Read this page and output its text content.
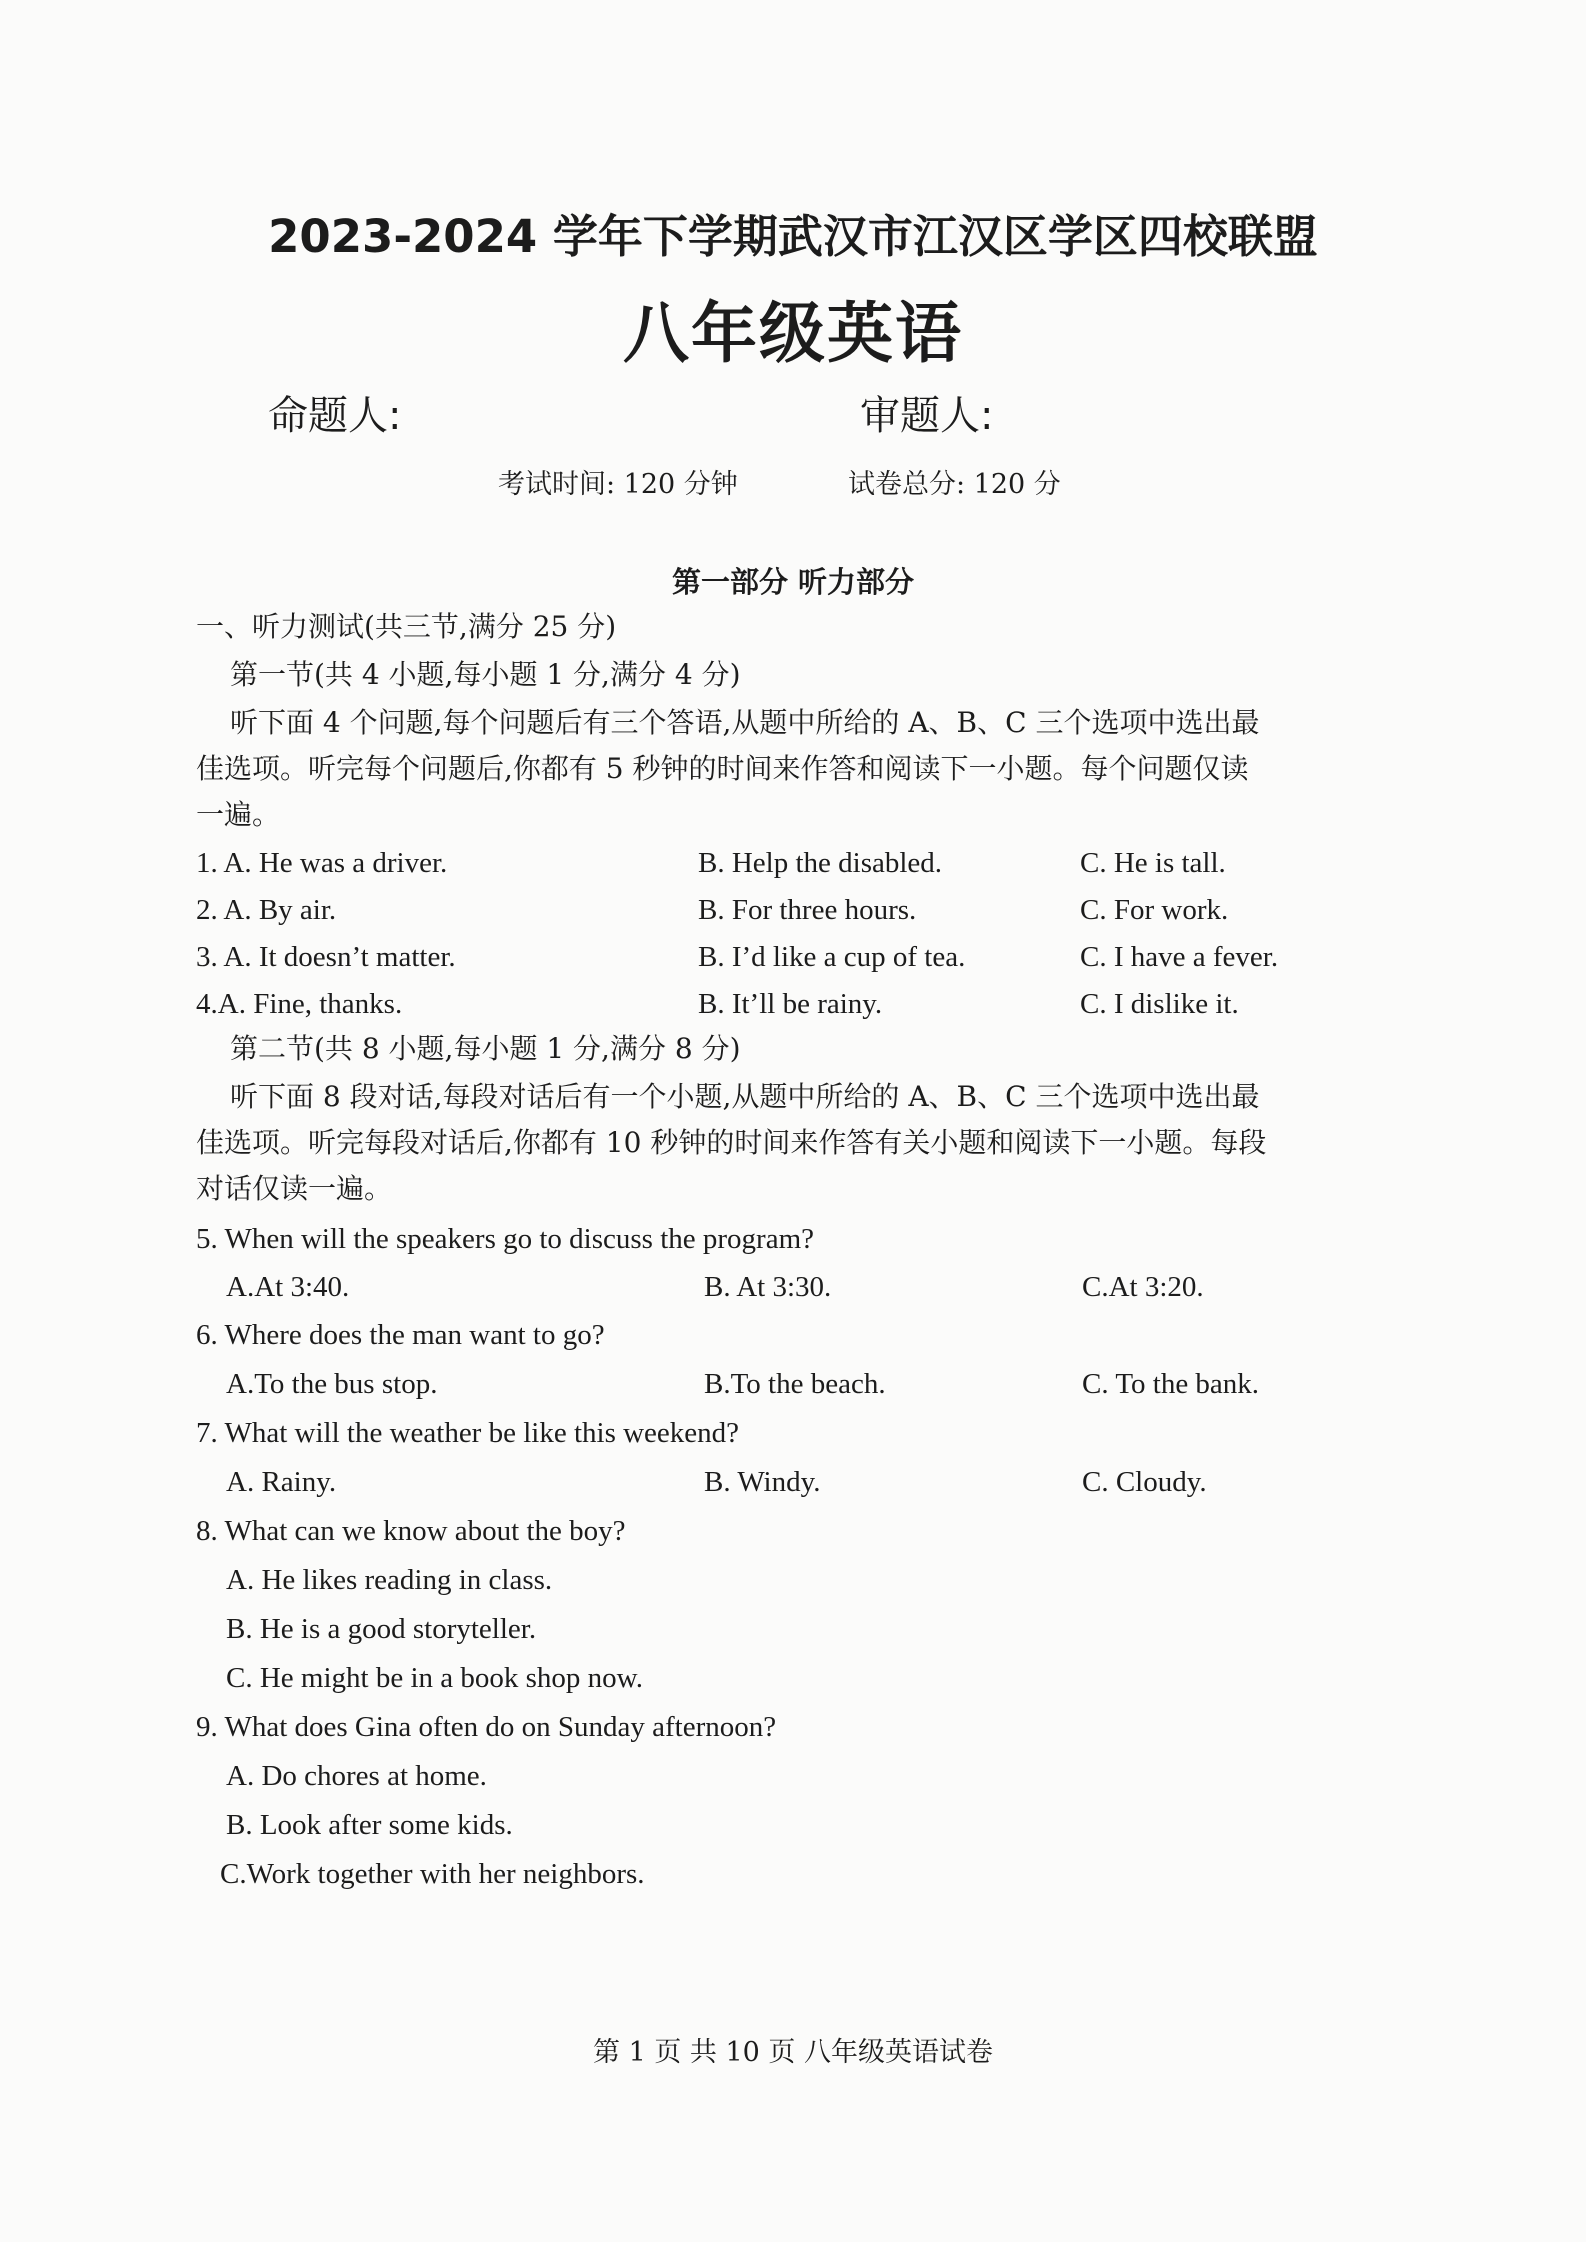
2023-2024 学年下学期武汉市江汉区学区四校联盟
八年级英语
命题人:	审题人:
考试时间: 120 分钟	试卷总分: 120 分
第一部分 听力部分
一、听力测试(共三节,满分 25 分)
第一节(共 4 小题,每小题 1 分,满分 4 分)
听下面 4 个问题,每个问题后有三个答语,从题中所给的 A、B、C 三个选项中选出最
佳选项。听完每个问题后,你都有 5 秒钟的时间来作答和阅读下一小题。每个问题仅读
一遍。
1. A. He was a driver.	B. Help the disabled.	C. He is tall.
2. A. By air.	B. For three hours.	C. For work.
3. A. It doesn’t matter.	B. I’d like a cup of tea.	C. I have a fever.
4.A. Fine, thanks.	B. It’ll be rainy.	C. I dislike it.
第二节(共 8 小题,每小题 1 分,满分 8 分)
听下面 8 段对话,每段对话后有一个小题,从题中所给的 A、B、C 三个选项中选出最
佳选项。听完每段对话后,你都有 10 秒钟的时间来作答有关小题和阅读下一小题。每段
对话仅读一遍。
5. When will the speakers go to discuss the program?
A.At 3:40.	B. At 3:30.	C.At 3:20.
6. Where does the man want to go?
A.To the bus stop.	B.To the beach.	C. To the bank.
7. What will the weather be like this weekend?
A. Rainy.	B. Windy.	C. Cloudy.
8. What can we know about the boy?
A. He likes reading in class.
B. He is a good storyteller.
C. He might be in a book shop now.
9. What does Gina often do on Sunday afternoon?
A. Do chores at home.
B. Look after some kids.
C.Work together with her neighbors.
第 1 页 共 10 页 八年级英语试卷
